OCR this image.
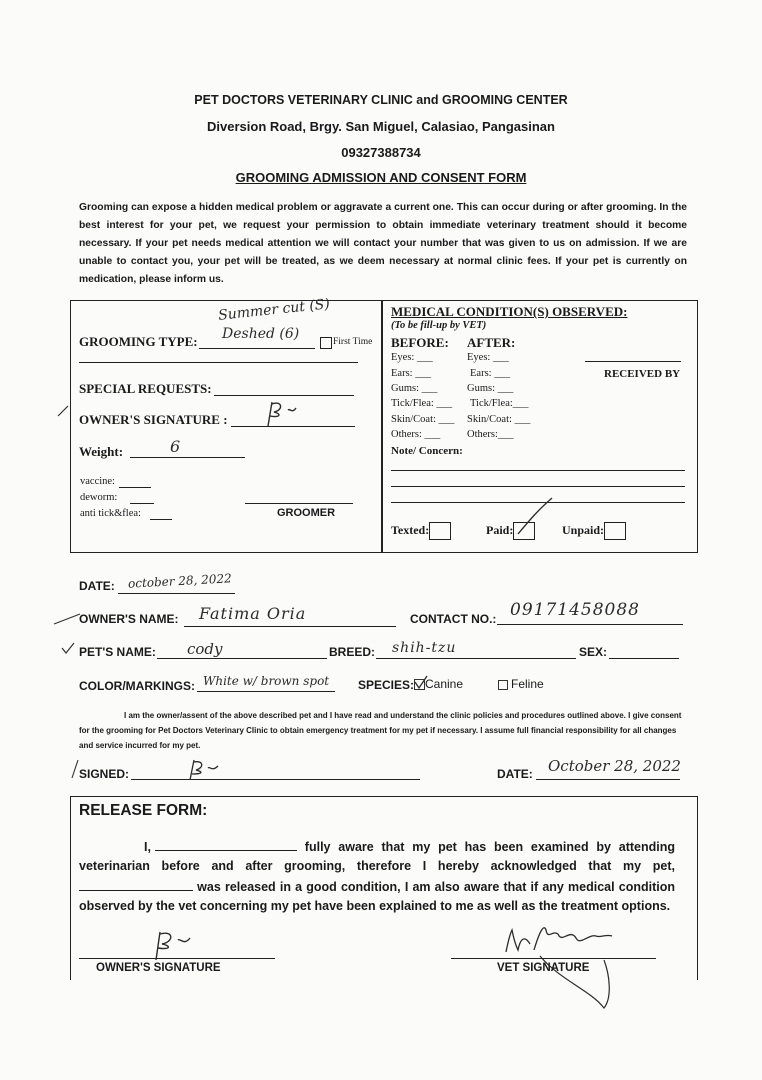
PET DOCTORS VETERINARY CLINIC and GROOMING CENTER
Diversion Road, Brgy. San Miguel, Calasiao, Pangasinan
09327388734
GROOMING ADMISSION AND CONSENT FORM
Grooming can expose a hidden medical problem or aggravate a current one. This can occur during or after grooming. In the best interest for your pet, we request your permission to obtain immediate veterinary treatment should it become necessary. If your pet needs medical attention we will contact your number that was given to us on admission. If we are unable to contact you, your pet will be treated, as we deem necessary at normal clinic fees. If your pet is currently on medication, please inform us.
Summer cut (S)
GROOMING TYPE: Deshed (6)	First Time
SPECIAL REQUESTS:
OWNER'S SIGNATURE :
Weight:	6
vaccine:
deworm:
anti tick&flea:	GROOMER
MEDICAL CONDITION(S) OBSERVED:
(To be fill-up by VET)
BEFORE: AFTER:
Eyes: ___	Eyes: ___
Ears: ___	Ears: ___
Gums: ___	Gums: ___
Tick/Flea: ___ Tick/Flea:___
Skin/Coat: ___ Skin/Coat: ___
Others: ___	Others:___
RECEIVED BY
Note/ Concern:
Texted:	Paid:	Unpaid:
DATE: october 28, 2022
OWNER'S NAME: Fatima Oria	CONTACT NO.: 09171458088
PET'S NAME: cody	BREED: shih-tzu	SEX:
COLOR/MARKINGS: White w/ brown spot SPECIES: Canine	Feline
I am the owner/assent of the above described pet and I have read and understand the clinic policies and procedures outlined above. I give consent for the grooming for Pet Doctors Veterinary Clinic to obtain emergency treatment for my pet if necessary. I assume full financial responsibility for all changes and service incurred for my pet.
SIGNED:	DATE: October 28, 2022
RELEASE FORM:
I,	fully aware that my pet has been examined by attending veterinarian before and after grooming, therefore I hereby acknowledged that my pet,  was released in a good condition, I am also aware that if any medical condition observed by the vet concerning my pet have been explained to me as well as the treatment options.
OWNER'S SIGNATURE	VET SIGNATURE
